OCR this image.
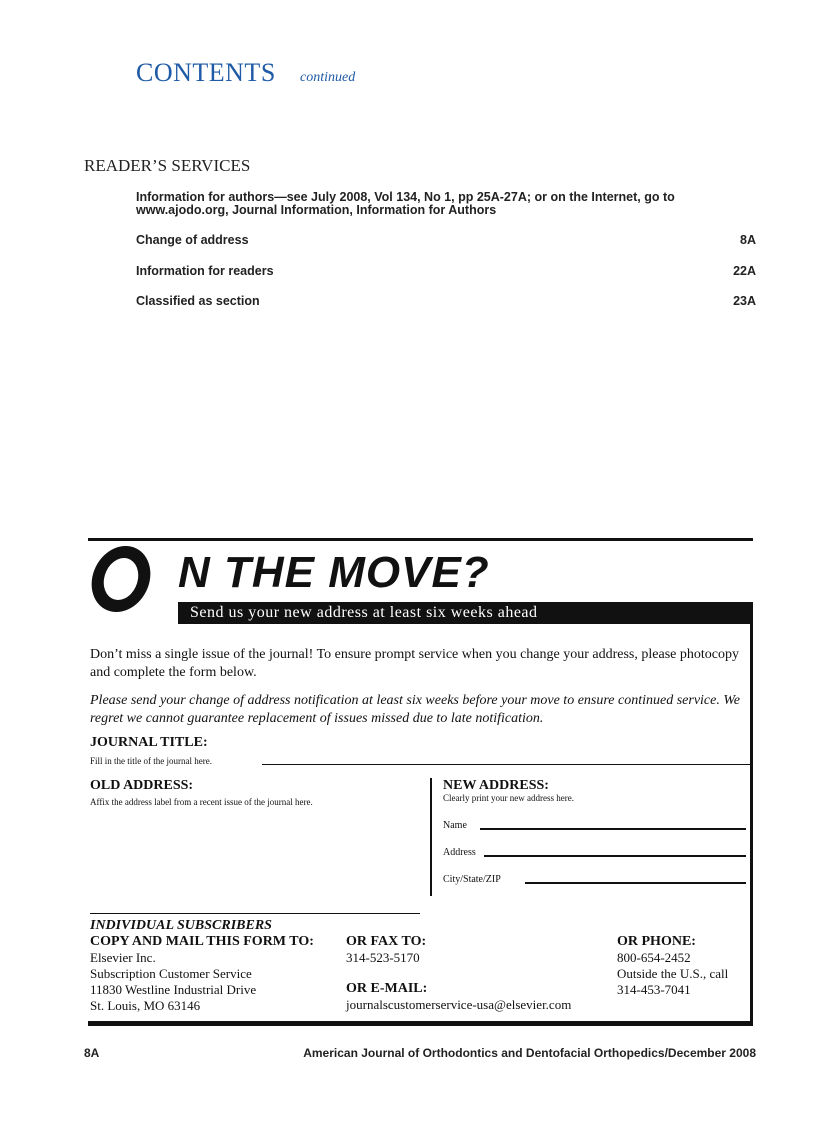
CONTENTS continued
READER’S SERVICES
Information for authors—see July 2008, Vol 134, No 1, pp 25A-27A; or on the Internet, go to www.ajodo.org, Journal Information, Information for Authors
Change of address	8A
Information for readers	22A
Classified as section	23A
N THE MOVE?
Send us your new address at least six weeks ahead
Don’t miss a single issue of the journal! To ensure prompt service when you change your address, please photocopy and complete the form below.
Please send your change of address notification at least six weeks before your move to ensure continued service. We regret we cannot guarantee replacement of issues missed due to late notification.
JOURNAL TITLE:
Fill in the title of the journal here.
OLD ADDRESS:
Affix the address label from a recent issue of the journal here.
NEW ADDRESS:
Clearly print your new address here.
Name
Address
City/State/ZIP
INDIVIDUAL SUBSCRIBERS
COPY AND MAIL THIS FORM TO:
Elsevier Inc.
Subscription Customer Service
11830 Westline Industrial Drive
St. Louis, MO 63146
OR FAX TO:
314-523-5170
OR E-MAIL:
journalscustomerservice-usa@elsevier.com
OR PHONE:
800-654-2452
Outside the U.S., call
314-453-7041
8A	American Journal of Orthodontics and Dentofacial Orthopedics/December 2008
